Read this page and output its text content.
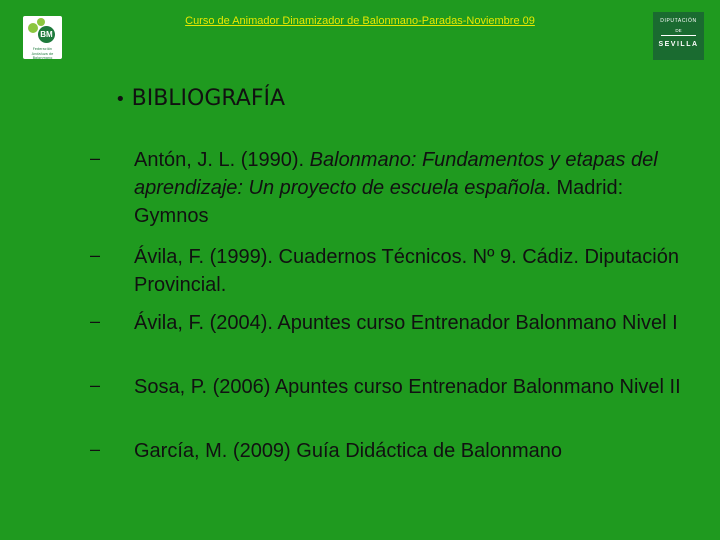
Curso de Animador Dinamizador de Balonmano-Paradas-Noviembre 09
BM
Federación Andaluza de Balonmano
DIPUTACIÓN
DE
SEVILLA
• BIBLIOGRAFÍA
– Antón, J. L. (1990). Balonmano: Fundamentos y etapas del aprendizaje: Un proyecto de escuela española. Madrid: Gymnos
– Ávila, F. (1999). Cuadernos Técnicos. Nº 9. Cádiz. Diputación Provincial.
– Ávila, F. (2004). Apuntes curso Entrenador Balonmano Nivel I
– Sosa, P. (2006) Apuntes curso Entrenador Balonmano Nivel II
– García, M. (2009) Guía Didáctica de Balonmano
